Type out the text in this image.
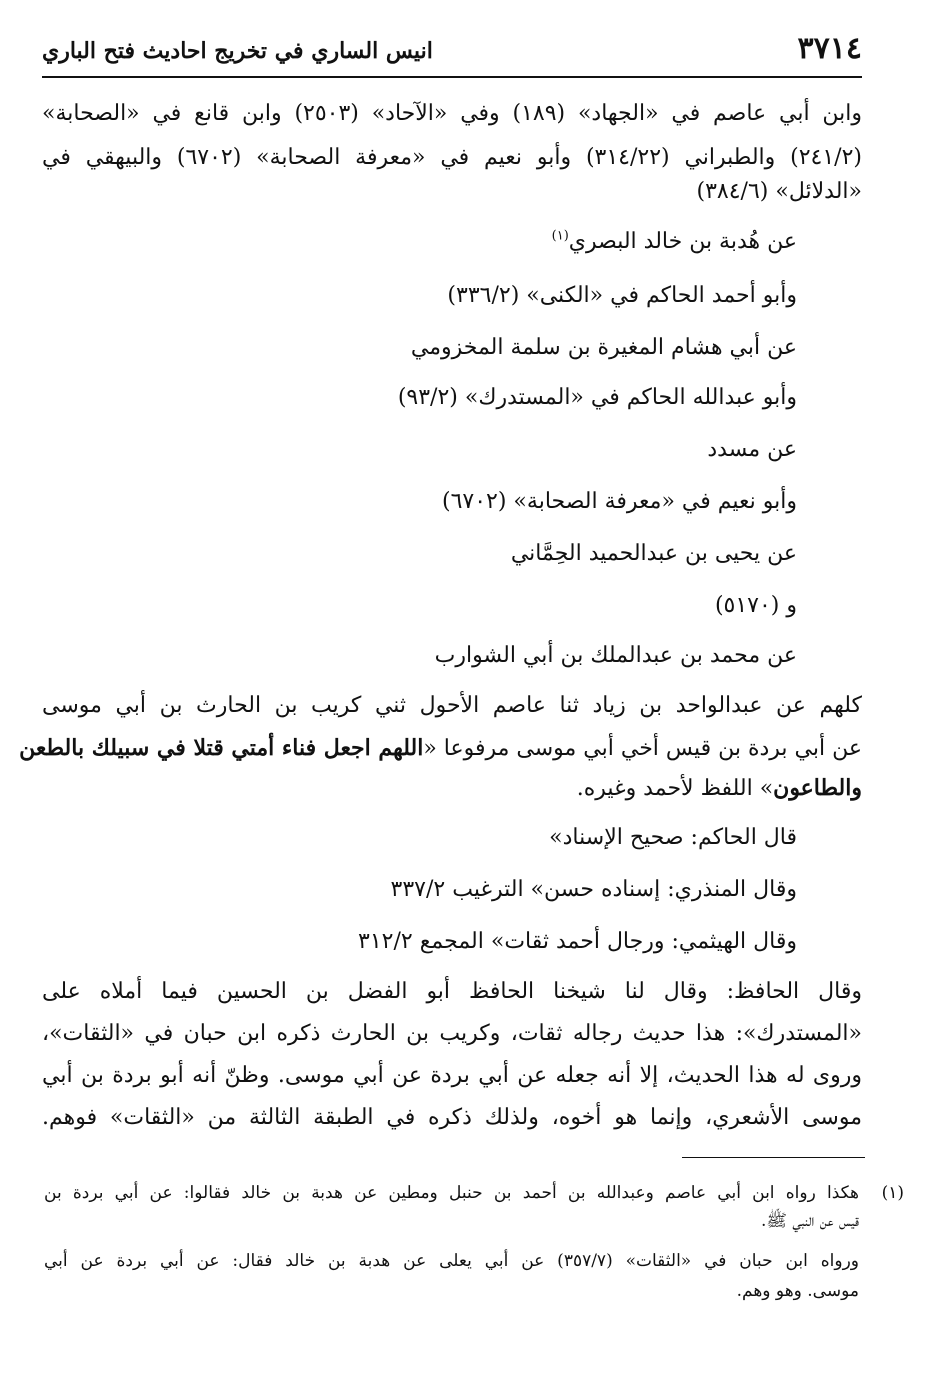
٣٧١٤
انيس الساري في تخريج احاديث فتح الباري

وابن أبي عاصم في «الجهاد» (١٨٩) وفي «الآحاد» (٢٥٠٣) وابن قانع في «الصحابة»

(٢٤١/٢) والطبراني (٣١٤/٢٢) وأبو نعيم في «معرفة الصحابة» (٦٧٠٢) والبيهقي في

«الدلائل» (٣٨٤/٦)

عن هُدبة بن خالد البصري$^{(١)}$

وأبو أحمد الحاكم في «الكنى» (٣٣٦/٢)

عن أبي هشام المغيرة بن سلمة المخزومي

وأبو عبدالله الحاكم في «المستدرك» (٩٣/٢)

عن مسدد

وأبو نعيم في «معرفة الصحابة» (٦٧٠٢)

عن يحيى بن عبدالحميد الحِمَّاني

و (٥١٧٠)

عن محمد بن عبدالملك بن أبي الشوارب

كلهم عن عبدالواحد بن زياد ثنا عاصم الأحول ثني كريب بن الحارث بن أبي موسى

عن أبي بردة بن قيس أخي أبي موسى مرفوعا «اللهم اجعل فناء أمتي قتلا في سبيلك بالطعن

والطاعون» اللفظ لأحمد وغيره.

قال الحاكم: صحيح الإسناد»

وقال المنذري: إسناده حسن» الترغيب ٣٣٧/٢

وقال الهيثمي: ورجال أحمد ثقات» المجمع ٣١٢/٢

وقال الحافظ: وقال لنا شيخنا الحافظ أبو الفضل بن الحسين فيما أملاه على

«المستدرك»: هذا حديث رجاله ثقات، وكريب بن الحارث ذكره ابن حبان في «الثقات»،

وروى له هذا الحديث، إلا أنه جعله عن أبي بردة عن أبي موسى. وظنّ أنه أبو بردة بن أبي

موسى الأشعري، وإنما هو أخوه، ولذلك ذكره في الطبقة الثالثة من «الثقات» فوهم.

(١)

هكذا رواه ابن أبي عاصم وعبدالله بن أحمد بن حنبل ومطين عن هدبة بن خالد فقالوا: عن أبي بردة بن

قيس عن النبي ﷺ.

ورواه ابن حبان في «الثقات» (٣٥٧/٧) عن أبي يعلى عن هدبة بن خالد فقال: عن أبي بردة عن أبي

موسى. وهو وهم.
